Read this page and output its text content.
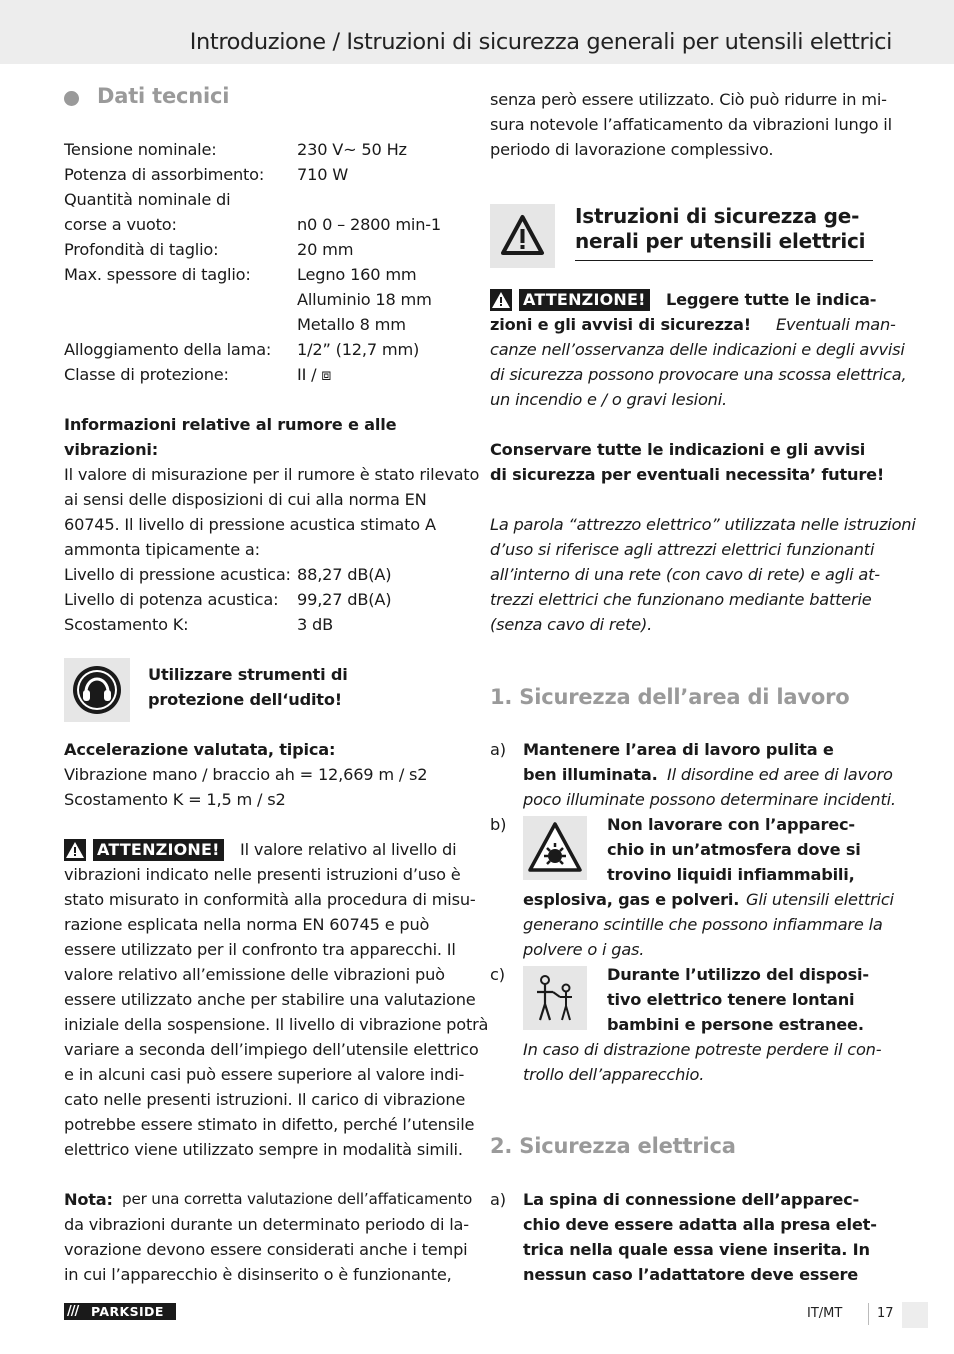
Introduzione / Istruzioni di sicurezza generali per utensili elettrici
Dati tecnici
Tensione nominale:	230 V~ 50 Hz
Potenza di assorbimento: 710 W
Quantità nominale di
corse a vuoto:	n0 0 – 2800 min-1
Profondità di taglio:	20 mm
Max. spessore di taglio:	Legno 160 mm
Alluminio 18 mm
Metallo 8 mm
Alloggiamento della lama: 1/2” (12,7 mm)
Classe di protezione:	II / ⧈
Informazioni relative al rumore e alle
vibrazioni:
Il valore di misurazione per il rumore è stato rilevato
ai sensi delle disposizioni di cui alla norma EN
60745. Il livello di pressione acustica stimato A
ammonta tipicamente a:
Livello di pressione acustica: 88,27 dB(A)
Livello di potenza acustica: 99,27 dB(A)
Scostamento K:	3 dB
Utilizzare strumenti di
protezione dell‘udito!
Accelerazione valutata, tipica:
Vibrazione mano / braccio ah = 12,669 m / s2
Scostamento K = 1,5 m / s2
ATTENZIONE! Il valore relativo al livello di
vibrazioni indicato nelle presenti istruzioni d’uso è
stato misurato in conformità alla procedura di misu-
razione esplicata nella norma EN 60745 e può
essere utilizzato per il confronto tra apparecchi. Il
valore relativo all’emissione delle vibrazioni può
essere utilizzato anche per stabilire una valutazione
iniziale della sospensione. Il livello di vibrazione potrà
variare a seconda dell’impiego dell’utensile elettrico
e in alcuni casi può essere superiore al valore indi-
cato nelle presenti istruzioni. Il carico di vibrazione
potrebbe essere stimato in difetto, perché l’utensile
elettrico viene utilizzato sempre in modalità simili.
Nota: per una corretta valutazione dell’affaticamento
da vibrazioni durante un determinato periodo di la-
vorazione devono essere considerati anche i tempi
in cui l’apparecchio è disinserito o è funzionante,
senza però essere utilizzato. Ciò può ridurre in mi-
sura notevole l’affaticamento da vibrazioni lungo il
periodo di lavorazione complessivo.
Istruzioni di sicurezza ge-
nerali per utensili elettrici
ATTENZIONE! Leggere tutte le indica-
zioni e gli avvisi di sicurezza! Eventuali man-
canze nell’osservanza delle indicazioni e degli avvisi
di sicurezza possono provocare una scossa elettrica,
un incendio e / o gravi lesioni.
Conservare tutte le indicazioni e gli avvisi
di sicurezza per eventuali necessita’ future!
La parola “attrezzo elettrico” utilizzata nelle istruzioni
d’uso si riferisce agli attrezzi elettrici funzionanti
all’interno di una rete (con cavo di rete) e agli at-
trezzi elettrici che funzionano mediante batterie
(senza cavo di rete).
1. Sicurezza dell’area di lavoro
a) Mantenere l’area di lavoro pulita e
ben illuminata. Il disordine ed aree di lavoro
poco illuminate possono determinare incidenti.
b)	Non lavorare con l’apparec-
chio in un’atmosfera dove si
trovino liquidi infiammabili,
esplosiva, gas e polveri. Gli utensili elettrici
generano scintille che possono infiammare la
polvere o i gas.
c)	Durante l’utilizzo del disposi-
tivo elettrico tenere lontani
bambini e persone estranee.
In caso di distrazione potreste perdere il con-
trollo dell’apparecchio.
2. Sicurezza elettrica
a) La spina di connessione dell’apparec-
chio deve essere adatta alla presa elet-
trica nella quale essa viene inserita. In
nessun caso l’adattatore deve essere
/// PARKSIDE	IT/MT	17
